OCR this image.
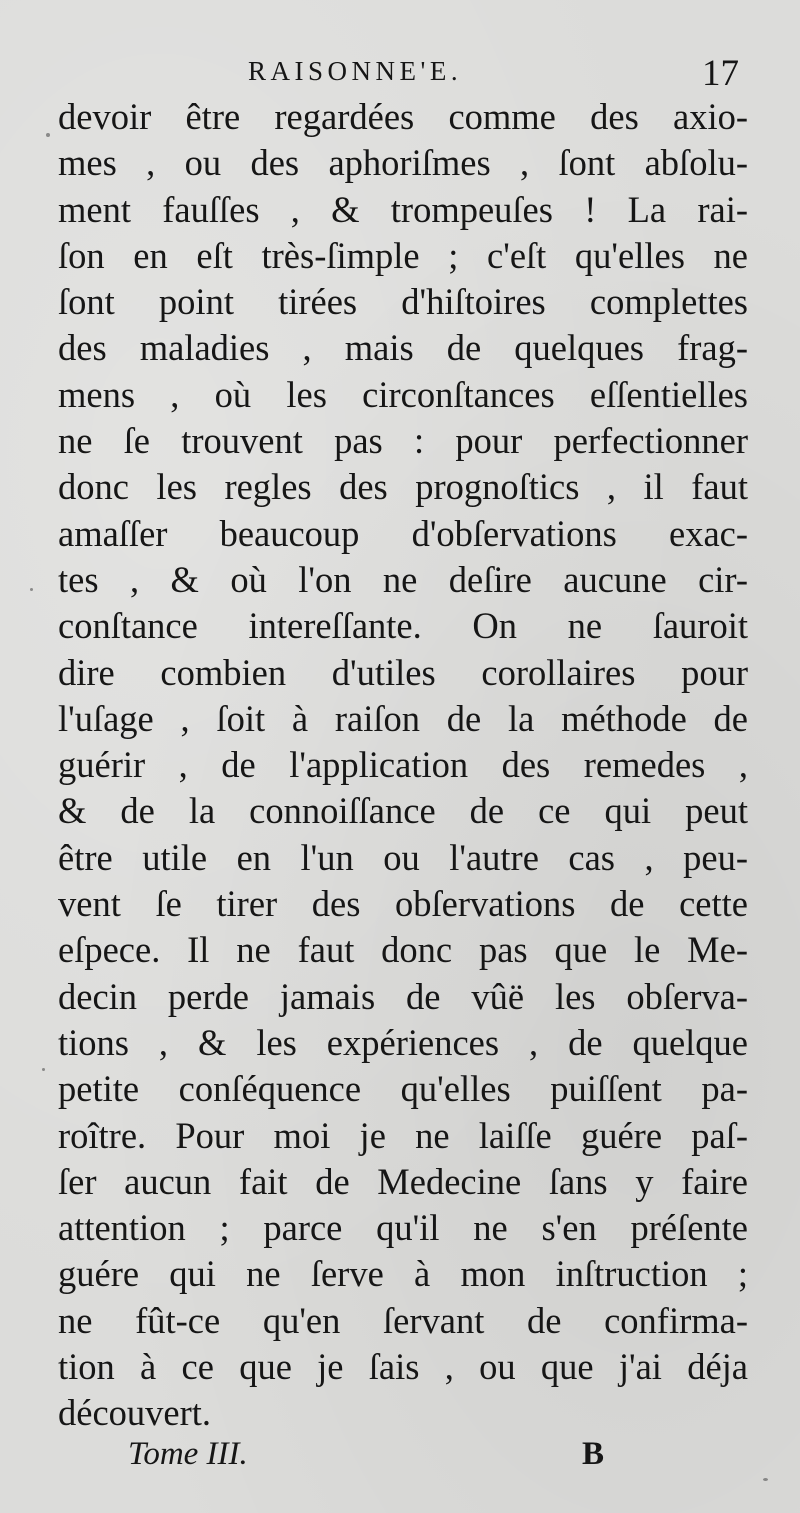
RAISONNE'E.	17
devoir être regardées comme des axio-
mes , ou des aphoriſmes , ſont abſolu-
ment fauſſes , & trompeuſes ! La rai-
ſon en eſt très-ſimple ; c'eſt qu'elles ne
ſont point tirées d'hiſtoires complettes
des maladies , mais de quelques frag-
mens , où les circonſtances eſſentielles
ne ſe trouvent pas : pour perfectionner
donc les regles des prognoſtics , il faut
amaſſer beaucoup d'obſervations exac-
tes , & où l'on ne deſire aucune cir-
conſtance intereſſante. On ne ſauroit
dire combien d'utiles corollaires pour
l'uſage , ſoit à raiſon de la méthode de
guérir , de l'application des remedes ,
& de la connoiſſance de ce qui peut
être utile en l'un ou l'autre cas , peu-
vent ſe tirer des obſervations de cette
eſpece. Il ne faut donc pas que le Me-
decin perde jamais de vûë les obſerva-
tions , & les expériences , de quelque
petite conſéquence qu'elles puiſſent pa-
roître. Pour moi je ne laiſſe guére paſ-
ſer aucun fait de Medecine ſans y faire
attention ; parce qu'il ne s'en préſente
guére qui ne ſerve à mon inſtruction ;
ne fût-ce qu'en ſervant de confirma-
tion à ce que je ſais , ou que j'ai déja
découvert.
Tome III.	B
